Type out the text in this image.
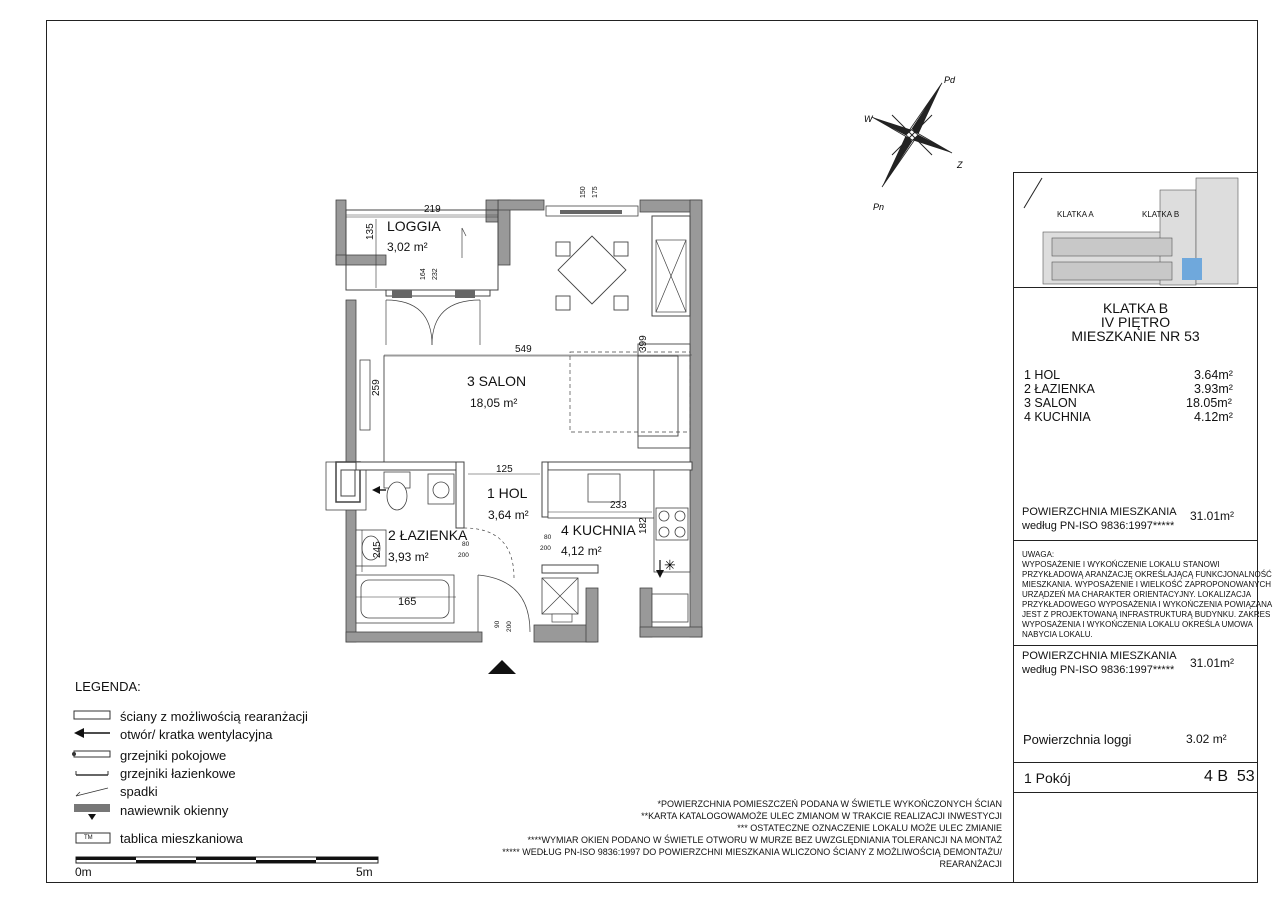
Pd
Pn
W
Z
✳
219
135
164 232
150 175
549	399
259
125
233
182
245
165
80
200
80
200
90 200
LOGGIA
3,02 m²
3 SALON
18,05 m²
1 HOL
3,64 m²
2 ŁAZIENKA
3,93 m²
4 KUCHNIA
4,12 m²
KLATKA A	KLATKA B
KLATKA B
IV PIĘTRO
MIESZKANIE NR 53
1 HOL	3.64m²
2 ŁAZIENKA	3.93m²
3 SALON	18.05m²
4 KUCHNIA	4.12m²
POWIERZCHNIA MIESZKANIA
według PN-ISO 9836:1997*****
31.01m²
UWAGA:
WYPOSAŻENIE I WYKOŃCZENIE LOKALU STANOWI
PRZYKŁADOWĄ ARANŻACJĘ OKREŚLAJĄCĄ FUNKCJONALNOŚĆ
MIESZKANIA. WYPOSAŻENIE I WIELKOŚĆ ZAPROPONOWANYCH
URZĄDZEŃ MA CHARAKTER ORIENTACYJNY. LOKALIZACJA
PRZYKŁADOWEGO WYPOSAŻENIA I WYKOŃCZENIA POWIĄZANA
JEST Z PROJEKTOWANĄ INFRASTRUKTURĄ BUDYNKU. ZAKRES
WYPOSAŻENIA I WYKOŃCZENIA LOKALU OKREŚLA UMOWA
NABYCIA LOKALU.
POWIERZCHNIA MIESZKANIA
według PN-ISO 9836:1997***** 31.01m²
Powierzchnia loggi	3.02 m²
1 Pokój	4 B  53
LEGENDA:
TM
ściany z możliwością rearanżacji
otwór/ kratka wentylacyjna
grzejniki pokojowe
grzejniki łazienkowe
spadki
nawiewnik okienny
tablica mieszkaniowa
0m	5m
*POWIERZCHNIA POMIESZCZEŃ PODANA W ŚWIETLE WYKOŃCZONYCH ŚCIAN
**KARTA KATALOGOWAMOŻE ULEC ZMIANOM W TRAKCIE REALIZACJI INWESTYCJI
*** OSTATECZNE OZNACZENIE LOKALU MOŻE ULEC ZMIANIE
****WYMIAR OKIEN PODANO W ŚWIETLE OTWORU W MURZE BEZ UWZGLĘDNIANIA TOLERANCJI NA MONTAŻ
***** WEDŁUG PN-ISO 9836:1997 DO POWIERZCHNI MIESZKANIA WLICZONO ŚCIANY Z MOŻLIWOŚCIĄ DEMONTAŻU/
REARANŻACJI
